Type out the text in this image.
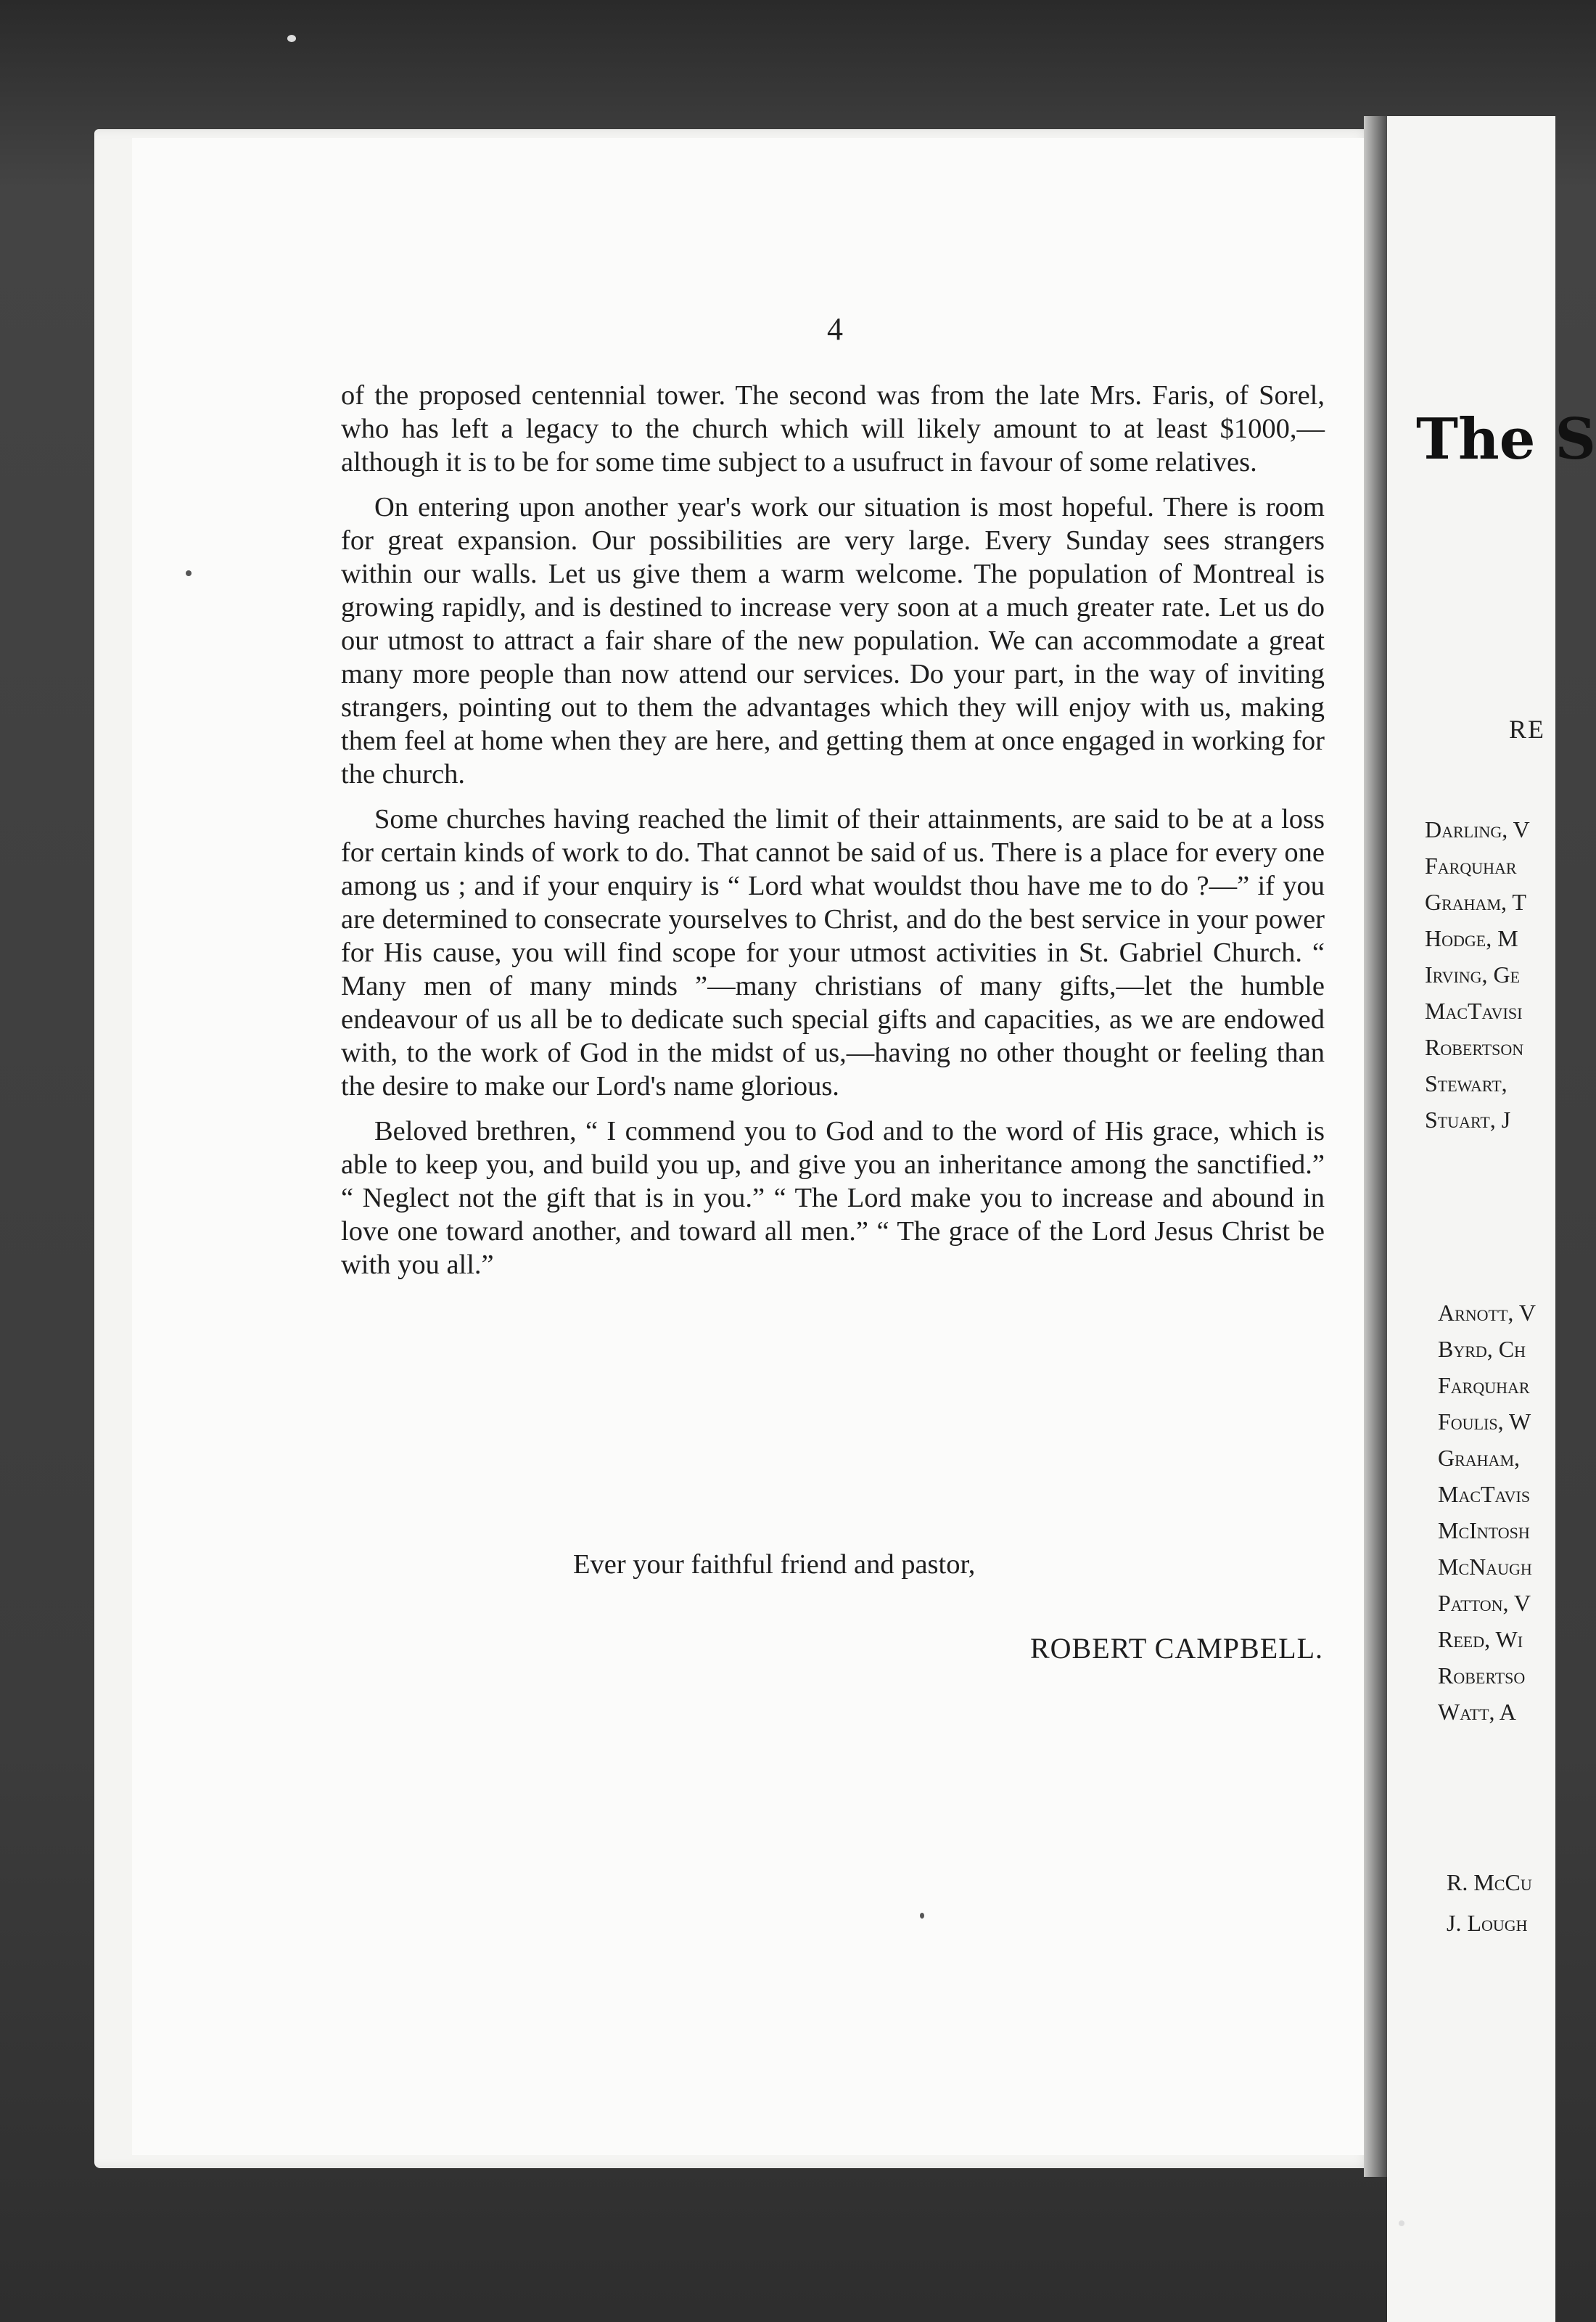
4

of the proposed centennial tower. The second was from the late Mrs. Faris, of Sorel, who has left a legacy to the church which will likely amount to at least $1000,—although it is to be for some time subject to a usufruct in favour of some relatives.

On entering upon another year's work our situation is most hopeful. There is room for great expansion. Our possibilities are very large. Every Sunday sees strangers within our walls. Let us give them a warm welcome. The population of Montreal is growing rapidly, and is destined to increase very soon at a much greater rate. Let us do our utmost to attract a fair share of the new population. We can accommodate a great many more people than now attend our services. Do your part, in the way of inviting strangers, pointing out to them the advantages which they will enjoy with us, making them feel at home when they are here, and getting them at once engaged in working for the church.

Some churches having reached the limit of their attainments, are said to be at a loss for certain kinds of work to do. That cannot be said of us. There is a place for every one among us ; and if your enquiry is “ Lord what wouldst thou have me to do ?—” if you are determined to consecrate yourselves to Christ, and do the best service in your power for His cause, you will find scope for your utmost activities in St. Gabriel Church. “ Many men of many minds ”—many christians of many gifts,—let the humble endeavour of us all be to dedicate such special gifts and capacities, as we are endowed with, to the work of God in the midst of us,—having no other thought or feeling than the desire to make our Lord's name glorious.

Beloved brethren, “ I commend you to God and to the word of His grace, which is able to keep you, and build you up, and give you an inheritance among the sanctified.” “ Neglect not the gift that is in you.” “ The Lord make you to increase and abound in love one toward another, and toward all men.” “ The grace of the Lord Jesus Christ be with you all.”

Ever your faithful friend and pastor,

ROBERT CAMPBELL.

The S
RE
Darling, V
Farquhar
Graham, T
Hodge, M
Irving, Ge
MacTavisi
Robertson
Stewart,
Stuart, J
Arnott, V
Byrd, Ch
Farquhar
Foulis, W
Graham,
MacTavis
McIntosh
McNaugh
Patton, V
Reed, Wi
Robertso
Watt, A
R. McCu
J. Lough
